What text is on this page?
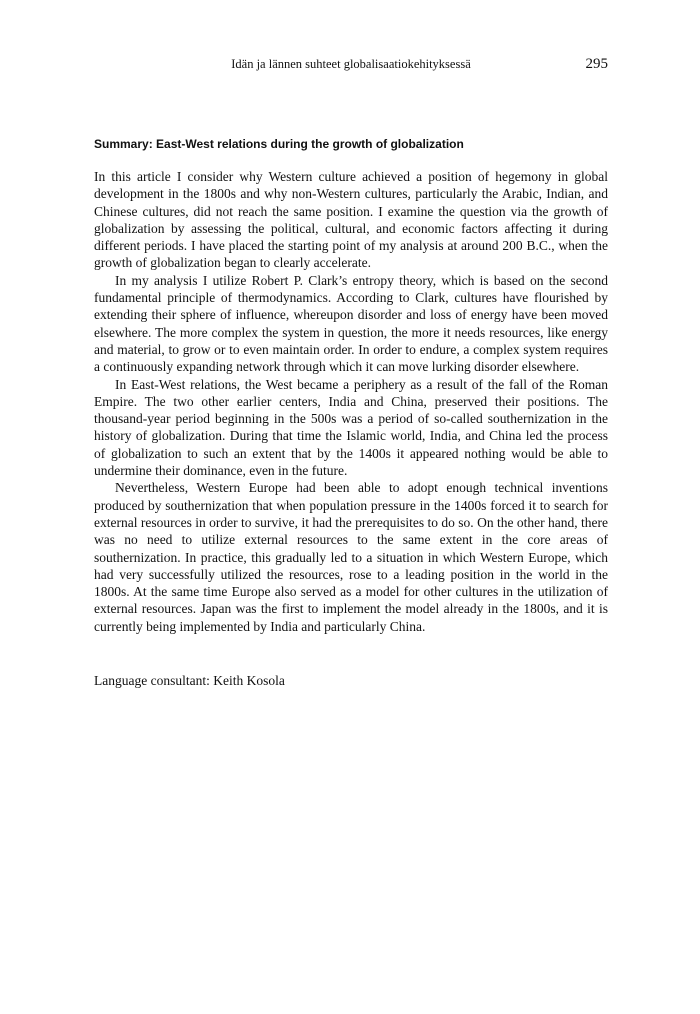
Idän ja lännen suhteet globalisaatiokehityksessä	295
Summary: East-West relations during the growth of globalization

In this article I consider why Western culture achieved a position of hegemony in global development in the 1800s and why non-Western cultures, particularly the Arabic, Indian, and Chinese cultures, did not reach the same position. I examine the question via the growth of globalization by assessing the political, cultural, and economic factors affecting it during different periods. I have placed the starting point of my analysis at around 200 B.C., when the growth of globalization began to clearly accelerate.

In my analysis I utilize Robert P. Clark’s entropy theory, which is based on the second fundamental principle of thermodynamics. According to Clark, cultures have flourished by extending their sphere of influence, whereupon disorder and loss of energy have been moved elsewhere. The more complex the system in question, the more it needs resources, like energy and material, to grow or to even maintain order. In order to endure, a complex system requires a continuously expanding network through which it can move lurking disorder elsewhere.

In East-West relations, the West became a periphery as a result of the fall of the Roman Empire. The two other earlier centers, India and China, preserved their positions. The thousand-year period beginning in the 500s was a period of so-called southernization in the history of globalization. During that time the Islamic world, India, and China led the process of globalization to such an extent that by the 1400s it appeared nothing would be able to undermine their dominance, even in the future.

Nevertheless, Western Europe had been able to adopt enough technical inventions produced by southernization that when population pressure in the 1400s forced it to search for external resources in order to survive, it had the prerequisites to do so. On the other hand, there was no need to utilize external resources to the same extent in the core areas of southernization. In practice, this gradually led to a situation in which Western Europe, which had very successfully utilized the resources, rose to a leading position in the world in the 1800s. At the same time Europe also served as a model for other cultures in the utilization of external resources. Japan was the first to implement the model already in the 1800s, and it is currently being implemented by India and particularly China.

Language consultant: Keith Kosola
